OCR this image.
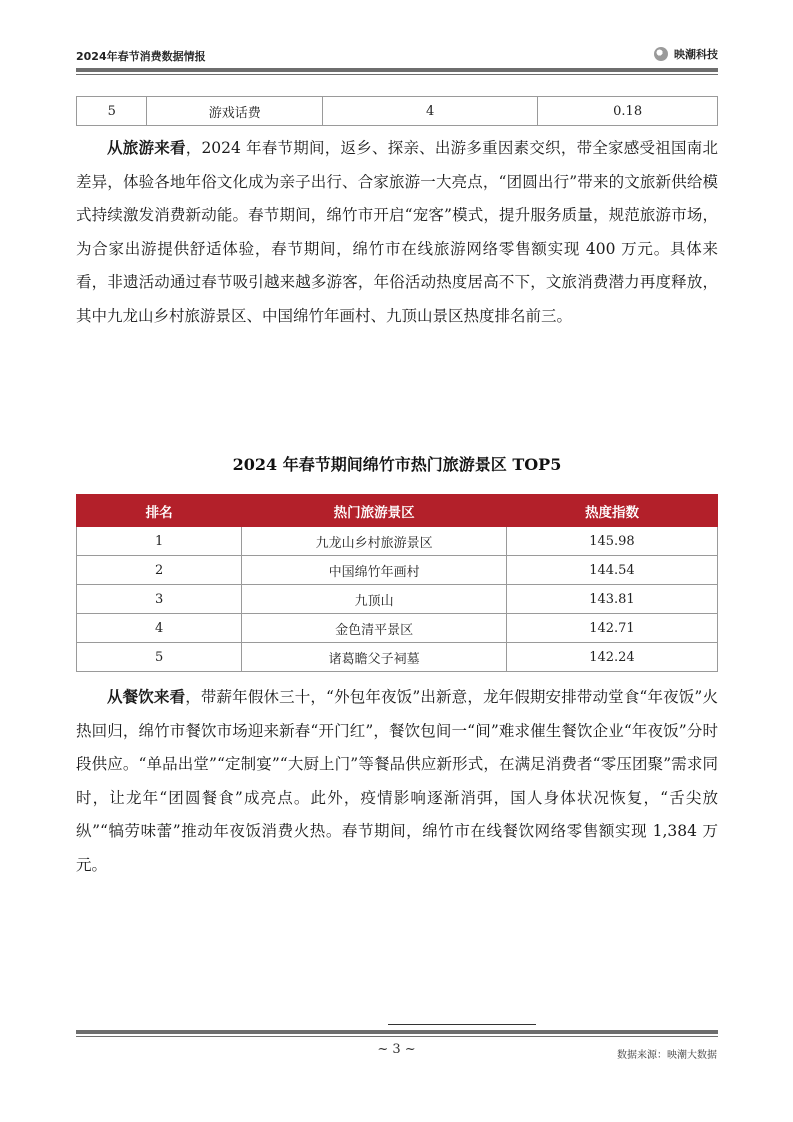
2024年春节消费数据情报	映潮科技
5	游戏话费	4	0.18

从旅游来看，2024 年春节期间，返乡、探亲、出游多重因素交织，带全家感受祖国南北差异，体验各地年俗文化成为亲子出行、合家旅游一大亮点，“团圆出行”带来的文旅新供给模式持续激发消费新动能。春节期间，绵竹市开启“宠客”模式，提升服务质量，规范旅游市场，为合家出游提供舒适体验，春节期间，绵竹市在线旅游网络零售额实现 400 万元。具体来看，非遗活动通过春节吸引越来越多游客，年俗活动热度居高不下，文旅消费潜力再度释放，其中九龙山乡村旅游景区、中国绵竹年画村、九顶山景区热度排名前三。

2024 年春节期间绵竹市热门旅游景区 TOP5
排名	热门旅游景区	热度指数
1	九龙山乡村旅游景区	145.98
2	中国绵竹年画村	144.54
3	九顶山	143.81
4	金色清平景区	142.71
5	诸葛瞻父子祠墓	142.24

从餐饮来看，带薪年假休三十，“外包年夜饭”出新意，龙年假期安排带动堂食“年夜饭”火热回归，绵竹市餐饮市场迎来新春“开门红”，餐饮包间一“间”难求催生餐饮企业“年夜饭”分时段供应。“单品出堂”“定制宴”“大厨上门”等餐品供应新形式，在满足消费者“零压团聚”需求同时，让龙年“团圆餐食”成亮点。此外，疫情影响逐渐消弭，国人身体状况恢复，“舌尖放纵”“犒劳味蕾”推动年夜饭消费火热。春节期间，绵竹市在线餐饮网络零售额实现 1,384 万元。

~ 3 ~	数据来源：映潮大数据
